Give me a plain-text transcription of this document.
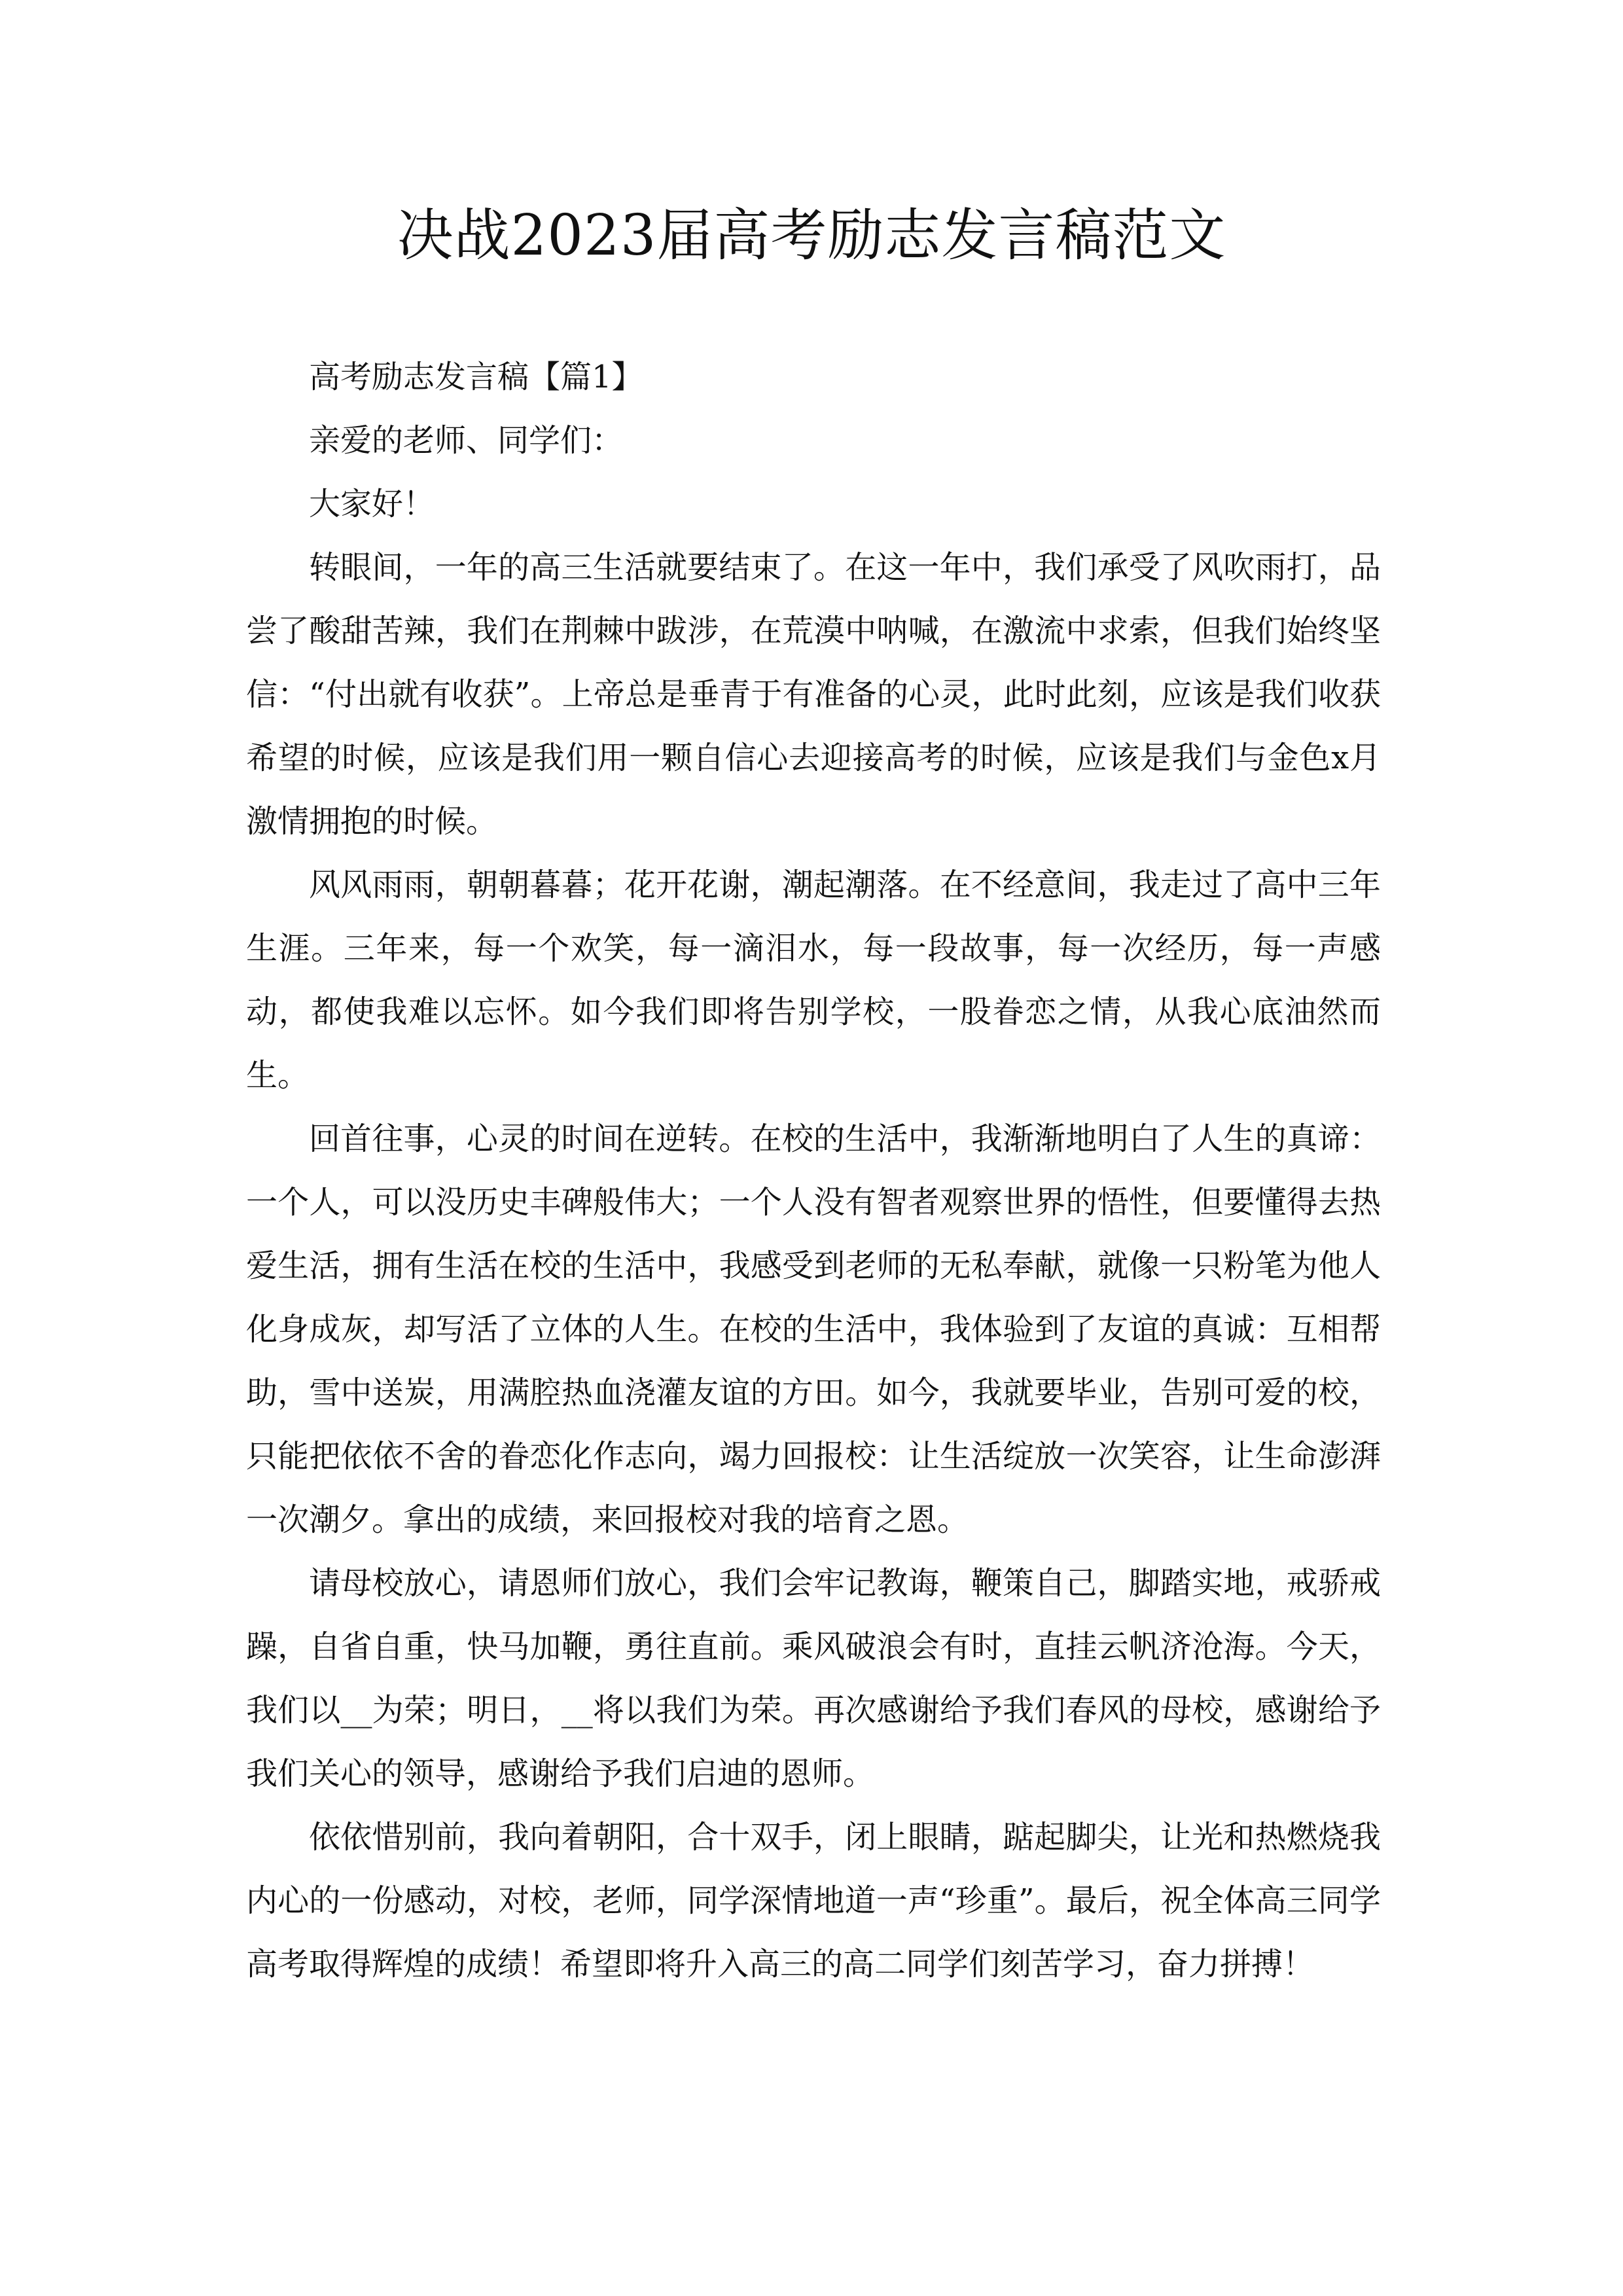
决战2023届高考励志发言稿范文

高考励志发言稿【篇1】

亲爱的老师、同学们：

大家好！

转眼间，一年的高三生活就要结束了。在这一年中，我们承受了风吹雨打，品尝了酸甜苦辣，我们在荆棘中跋涉，在荒漠中呐喊，在激流中求索，但我们始终坚信：“付出就有收获”。上帝总是垂青于有准备的心灵，此时此刻，应该是我们收获希望的时候，应该是我们用一颗自信心去迎接高考的时候，应该是我们与金色x月激情拥抱的时候。

风风雨雨，朝朝暮暮；花开花谢，潮起潮落。在不经意间，我走过了高中三年生涯。三年来，每一个欢笑，每一滴泪水，每一段故事，每一次经历，每一声感动，都使我难以忘怀。如今我们即将告别学校，一股眷恋之情，从我心底油然而生。

回首往事，心灵的时间在逆转。在校的生活中，我渐渐地明白了人生的真谛：一个人，可以没历史丰碑般伟大；一个人没有智者观察世界的悟性，但要懂得去热爱生活，拥有生活在校的生活中，我感受到老师的无私奉献，就像一只粉笔为他人化身成灰，却写活了立体的人生。在校的生活中，我体验到了友谊的真诚：互相帮助，雪中送炭，用满腔热血浇灌友谊的方田。如今，我就要毕业，告别可爱的校，只能把依依不舍的眷恋化作志向，竭力回报校：让生活绽放一次笑容，让生命澎湃一次潮夕。拿出的成绩，来回报校对我的培育之恩。

请母校放心，请恩师们放心，我们会牢记教诲，鞭策自己，脚踏实地，戒骄戒躁，自省自重，快马加鞭，勇往直前。乘风破浪会有时，直挂云帆济沧海。今天，我们以__为荣；明日，__将以我们为荣。再次感谢给予我们春风的母校，感谢给予我们关心的领导，感谢给予我们启迪的恩师。

依依惜别前，我向着朝阳，合十双手，闭上眼睛，踮起脚尖，让光和热燃烧我内心的一份感动，对校，老师，同学深情地道一声“珍重”。最后，祝全体高三同学高考取得辉煌的成绩！希望即将升入高三的高二同学们刻苦学习，奋力拼搏！
